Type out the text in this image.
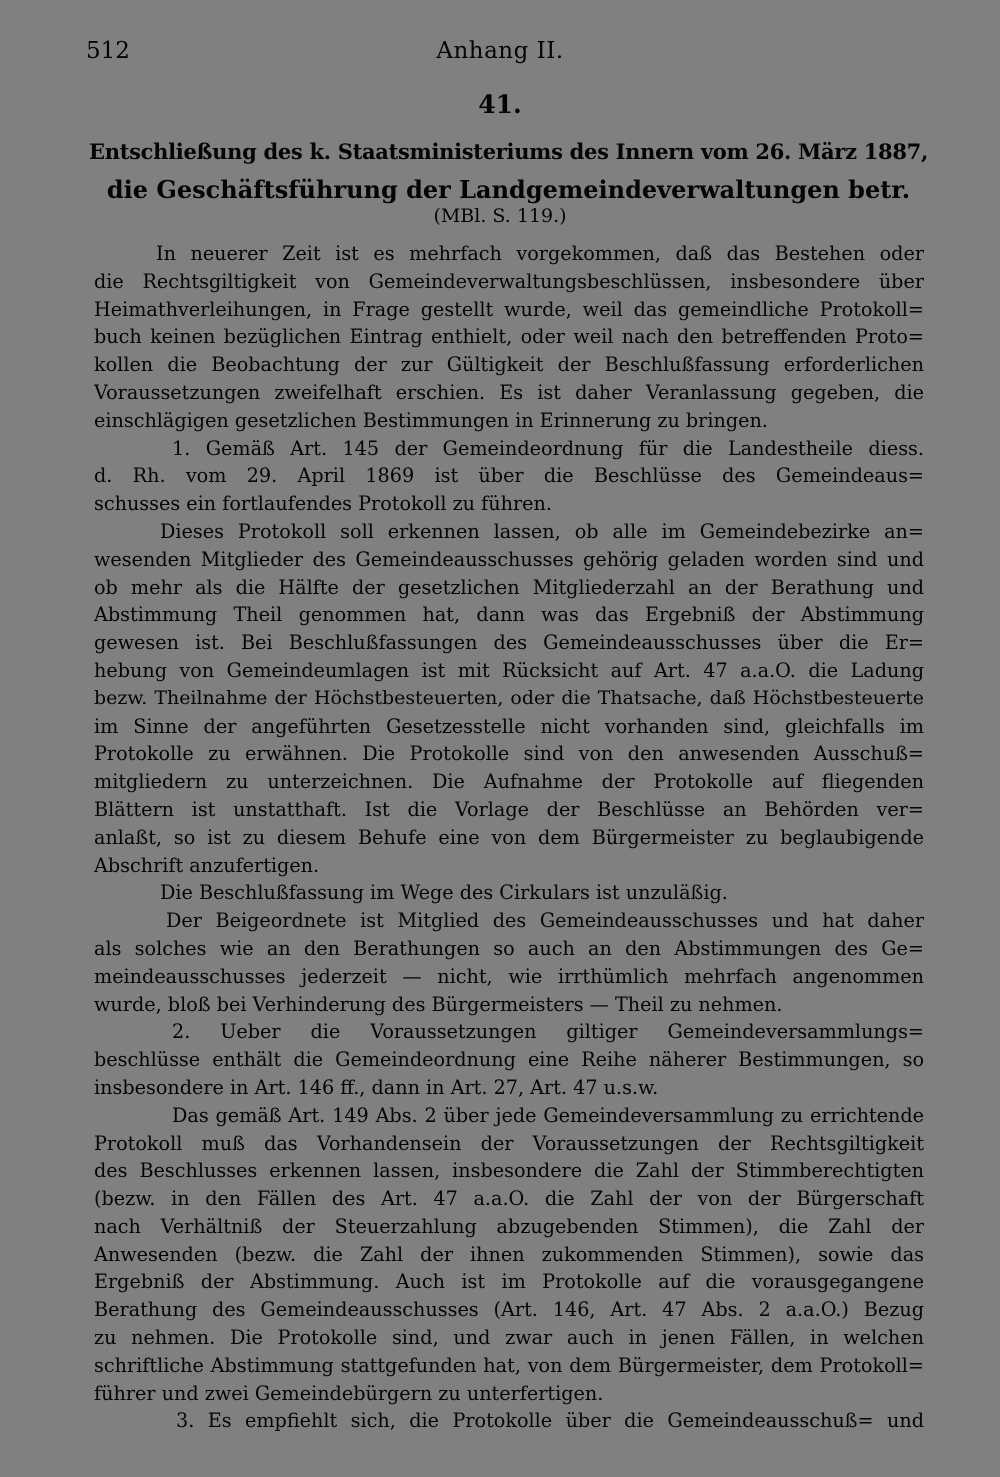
512	Anhang II.
41.
Entschließung des k. Staatsministeriums des Innern vom 26. März 1887,
die Geschäftsführung der Landgemeindeverwaltungen betr.
(MBl. S. 119.)
In neuerer Zeit ist es mehrfach vorgekommen, daß das Bestehen oder
die Rechtsgiltigkeit von Gemeindeverwaltungsbeschlüssen, insbesondere über
Heimathverleihungen, in Frage gestellt wurde, weil das gemeindliche Protokoll=
buch keinen bezüglichen Eintrag enthielt, oder weil nach den betreffenden Proto=
kollen die Beobachtung der zur Gültigkeit der Beschlußfassung erforderlichen
Voraussetzungen zweifelhaft erschien. Es ist daher Veranlassung gegeben, die
einschlägigen gesetzlichen Bestimmungen in Erinnerung zu bringen.
1. Gemäß Art. 145 der Gemeindeordnung für die Landestheile diess.
d. Rh. vom 29. April 1869 ist über die Beschlüsse des Gemeindeaus=
schusses ein fortlaufendes Protokoll zu führen.
Dieses Protokoll soll erkennen lassen, ob alle im Gemeindebezirke an=
wesenden Mitglieder des Gemeindeausschusses gehörig geladen worden sind und
ob mehr als die Hälfte der gesetzlichen Mitgliederzahl an der Berathung und
Abstimmung Theil genommen hat, dann was das Ergebniß der Abstimmung
gewesen ist. Bei Beschlußfassungen des Gemeindeausschusses über die Er=
hebung von Gemeindeumlagen ist mit Rücksicht auf Art. 47 a.a.O. die Ladung
bezw. Theilnahme der Höchstbesteuerten, oder die Thatsache, daß Höchstbesteuerte
im Sinne der angeführten Gesetzesstelle nicht vorhanden sind, gleichfalls im
Protokolle zu erwähnen. Die Protokolle sind von den anwesenden Ausschuß=
mitgliedern zu unterzeichnen. Die Aufnahme der Protokolle auf fliegenden
Blättern ist unstatthaft. Ist die Vorlage der Beschlüsse an Behörden ver=
anlaßt, so ist zu diesem Behufe eine von dem Bürgermeister zu beglaubigende
Abschrift anzufertigen.
Die Beschlußfassung im Wege des Cirkulars ist unzuläßig.
Der Beigeordnete ist Mitglied des Gemeindeausschusses und hat daher
als solches wie an den Berathungen so auch an den Abstimmungen des Ge=
meindeausschusses jederzeit — nicht, wie irrthümlich mehrfach angenommen
wurde, bloß bei Verhinderung des Bürgermeisters — Theil zu nehmen.
2. Ueber die Voraussetzungen giltiger Gemeindeversammlungs=
beschlüsse enthält die Gemeindeordnung eine Reihe näherer Bestimmungen, so
insbesondere in Art. 146 ff., dann in Art. 27, Art. 47 u.s.w.
Das gemäß Art. 149 Abs. 2 über jede Gemeindeversammlung zu errichtende
Protokoll muß das Vorhandensein der Voraussetzungen der Rechtsgiltigkeit
des Beschlusses erkennen lassen, insbesondere die Zahl der Stimmberechtigten
(bezw. in den Fällen des Art. 47 a.a.O. die Zahl der von der Bürgerschaft
nach Verhältniß der Steuerzahlung abzugebenden Stimmen), die Zahl der
Anwesenden (bezw. die Zahl der ihnen zukommenden Stimmen), sowie das
Ergebniß der Abstimmung. Auch ist im Protokolle auf die vorausgegangene
Berathung des Gemeindeausschusses (Art. 146, Art. 47 Abs. 2 a.a.O.) Bezug
zu nehmen. Die Protokolle sind, und zwar auch in jenen Fällen, in welchen
schriftliche Abstimmung stattgefunden hat, von dem Bürgermeister, dem Protokoll=
führer und zwei Gemeindebürgern zu unterfertigen.
3. Es empfiehlt sich, die Protokolle über die Gemeindeausschuß= und
